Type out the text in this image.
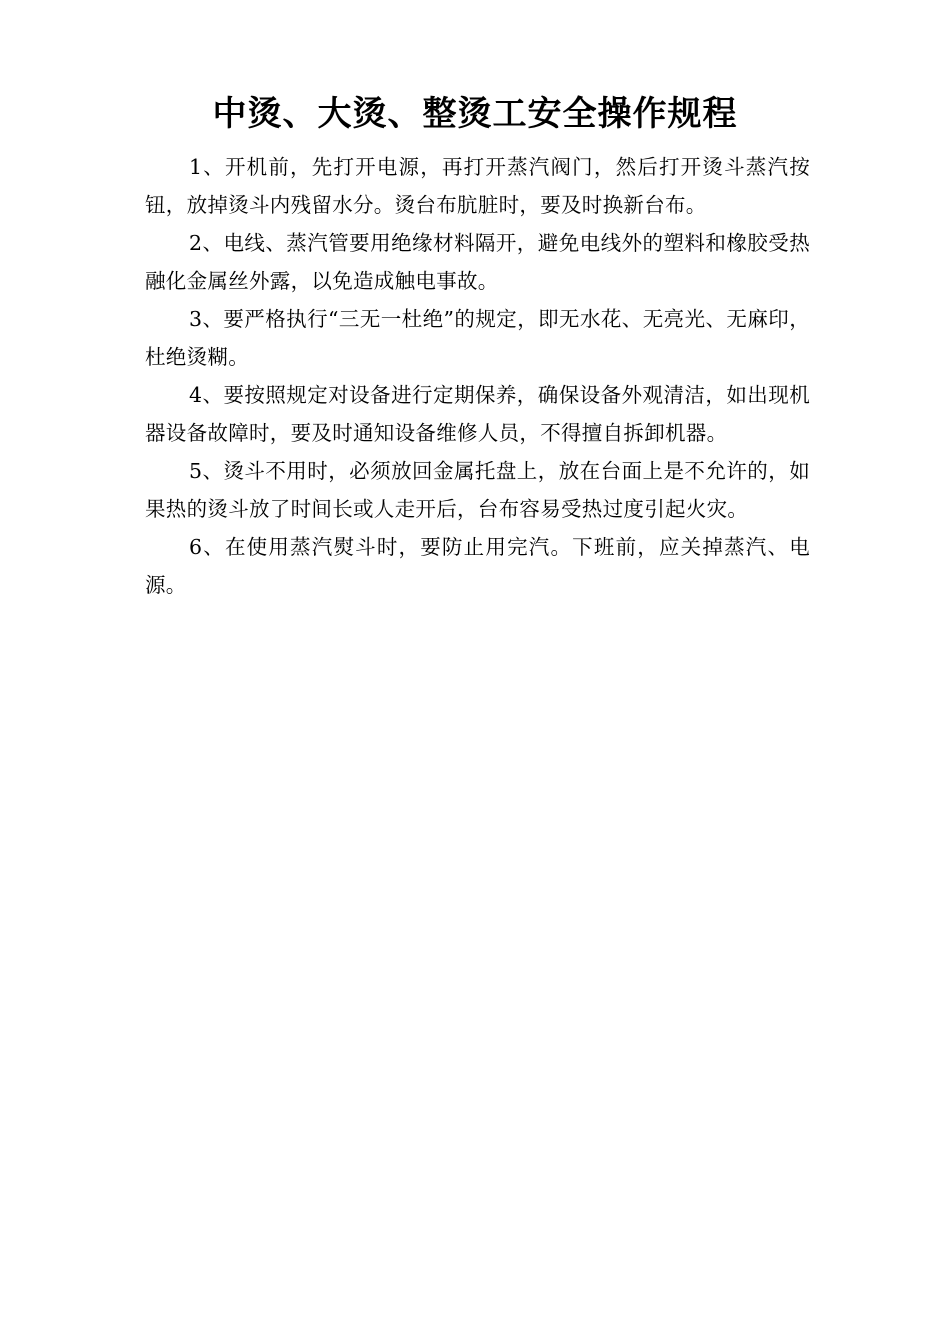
中烫、大烫、整烫工安全操作规程

1、开机前，先打开电源，再打开蒸汽阀门，然后打开烫斗蒸汽按钮，放掉烫斗内残留水分。烫台布肮脏时，要及时换新台布。

2、电线、蒸汽管要用绝缘材料隔开，避免电线外的塑料和橡胶受热融化金属丝外露，以免造成触电事故。

3、要严格执行“三无一杜绝”的规定，即无水花、无亮光、无麻印，杜绝烫糊。

4、要按照规定对设备进行定期保养，确保设备外观清洁，如出现机器设备故障时，要及时通知设备维修人员，不得擅自拆卸机器。

5、烫斗不用时，必须放回金属托盘上，放在台面上是不允许的，如果热的烫斗放了时间长或人走开后，台布容易受热过度引起火灾。

6、在使用蒸汽熨斗时，要防止用完汽。下班前，应关掉蒸汽、电源。
